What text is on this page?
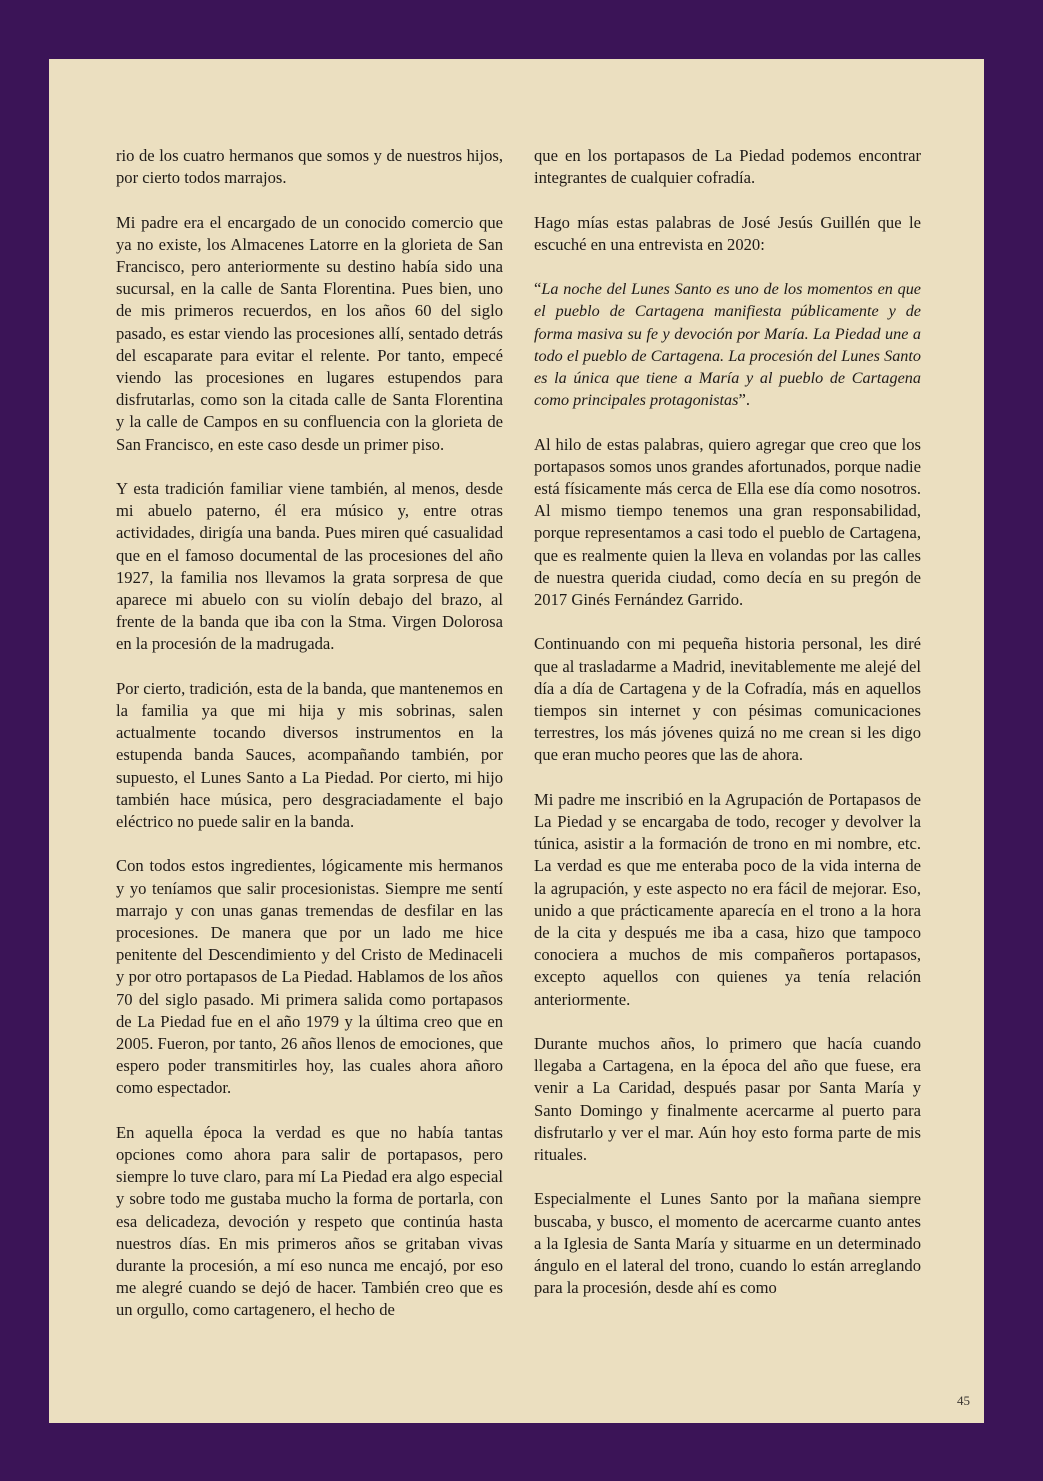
rio de los cuatro hermanos que somos y de nuestros hijos, por cierto todos marrajos.

Mi padre era el encargado de un conocido comercio que ya no existe, los Almacenes Latorre en la glorieta de San Francisco, pero anteriormente su destino había sido una sucursal, en la calle de Santa Florentina. Pues bien, uno de mis primeros recuerdos, en los años 60 del siglo pasado, es estar viendo las procesiones allí, sentado detrás del escaparate para evitar el relente. Por tanto, empecé viendo las procesiones en lugares estupendos para disfrutarlas, como son la citada calle de Santa Florentina y la calle de Campos en su confluencia con la glorieta de San Francisco, en este caso desde un primer piso.

Y esta tradición familiar viene también, al menos, desde mi abuelo paterno, él era músico y, entre otras actividades, dirigía una banda. Pues miren qué casualidad que en el famoso documental de las procesiones del año 1927, la familia nos llevamos la grata sorpresa de que aparece mi abuelo con su violín debajo del brazo, al frente de la banda que iba con la Stma. Virgen Dolorosa en la procesión de la madrugada.

Por cierto, tradición, esta de la banda, que mantenemos en la familia ya que mi hija y mis sobrinas, salen actualmente tocando diversos instrumentos en la estupenda banda Sauces, acompañando también, por supuesto, el Lunes Santo a La Piedad. Por cierto, mi hijo también hace música, pero desgraciadamente el bajo eléctrico no puede salir en la banda.

Con todos estos ingredientes, lógicamente mis hermanos y yo teníamos que salir procesionistas. Siempre me sentí marrajo y con unas ganas tremendas de desfilar en las procesiones. De manera que por un lado me hice penitente del Descendimiento y del Cristo de Medinaceli y por otro portapasos de La Piedad. Hablamos de los años 70 del siglo pasado. Mi primera salida como portapasos de La Piedad fue en el año 1979 y la última creo que en 2005. Fueron, por tanto, 26 años llenos de emociones, que espero poder transmitirles hoy, las cuales ahora añoro como espectador.

En aquella época la verdad es que no había tantas opciones como ahora para salir de portapasos, pero siempre lo tuve claro, para mí La Piedad era algo especial y sobre todo me gustaba mucho la forma de portarla, con esa delicadeza, devoción y respeto que continúa hasta nuestros días. En mis primeros años se gritaban vivas durante la procesión, a mí eso nunca me encajó, por eso me alegré cuando se dejó de hacer. También creo que es un orgullo, como cartagenero, el hecho de

que en los portapasos de La Piedad podemos encontrar integrantes de cualquier cofradía.

Hago mías estas palabras de José Jesús Guillén que le escuché en una entrevista en 2020:

“La noche del Lunes Santo es uno de los momentos en que el pueblo de Cartagena manifiesta públicamente y de forma masiva su fe y devoción por María. La Piedad une a todo el pueblo de Cartagena. La procesión del Lunes Santo es la única que tiene a María y al pueblo de Cartagena como principales protagonistas”.

Al hilo de estas palabras, quiero agregar que creo que los portapasos somos unos grandes afortunados, porque nadie está físicamente más cerca de Ella ese día como nosotros. Al mismo tiempo tenemos una gran responsabilidad, porque representamos a casi todo el pueblo de Cartagena, que es realmente quien la lleva en volandas por las calles de nuestra querida ciudad, como decía en su pregón de 2017 Ginés Fernández Garrido.

Continuando con mi pequeña historia personal, les diré que al trasladarme a Madrid, inevitablemente me alejé del día a día de Cartagena y de la Cofradía, más en aquellos tiempos sin internet y con pésimas comunicaciones terrestres, los más jóvenes quizá no me crean si les digo que eran mucho peores que las de ahora.

Mi padre me inscribió en la Agrupación de Portapasos de La Piedad y se encargaba de todo, recoger y devolver la túnica, asistir a la formación de trono en mi nombre, etc. La verdad es que me enteraba poco de la vida interna de la agrupación, y este aspecto no era fácil de mejorar. Eso, unido a que prácticamente aparecía en el trono a la hora de la cita y después me iba a casa, hizo que tampoco conociera a muchos de mis compañeros portapasos, excepto aquellos con quienes ya tenía relación anteriormente.

Durante muchos años, lo primero que hacía cuando llegaba a Cartagena, en la época del año que fuese, era venir a La Caridad, después pasar por Santa María y Santo Domingo y finalmente acercarme al puerto para disfrutarlo y ver el mar. Aún hoy esto forma parte de mis rituales.

Especialmente el Lunes Santo por la mañana siempre buscaba, y busco, el momento de acercarme cuanto antes a la Iglesia de Santa María y situarme en un determinado ángulo en el lateral del trono, cuando lo están arreglando para la procesión, desde ahí es como

45
